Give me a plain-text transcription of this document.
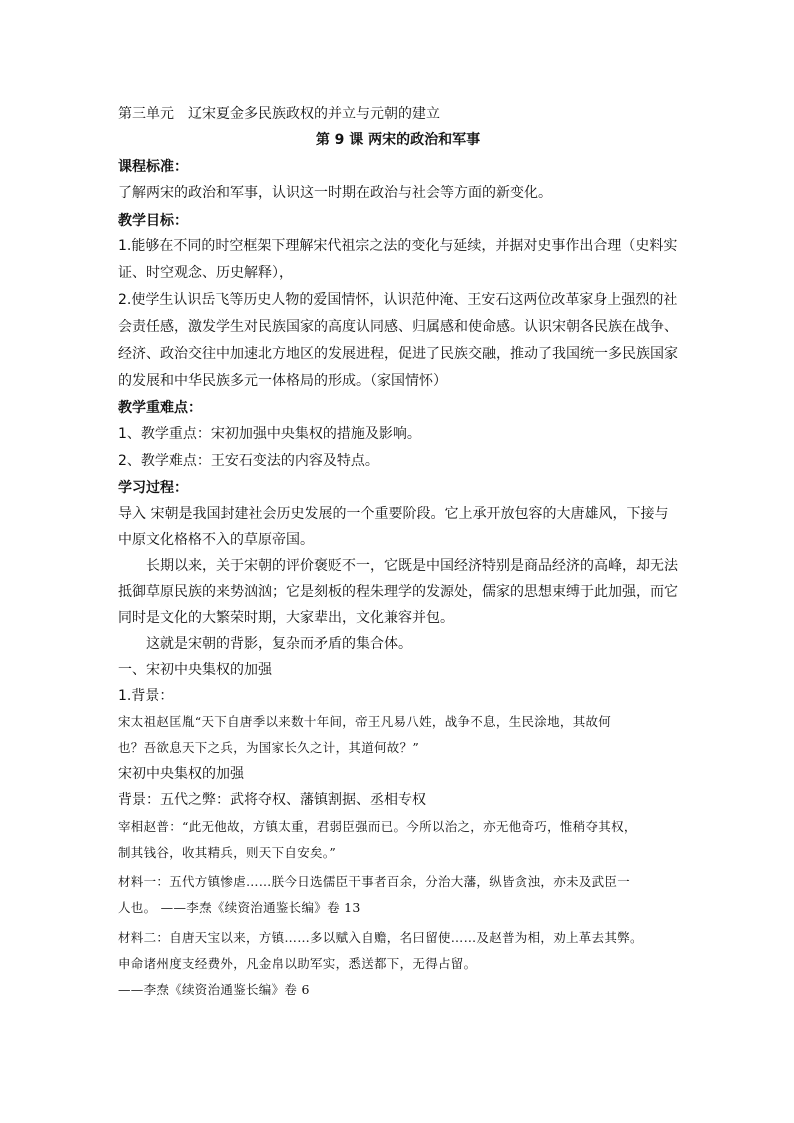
第三单元　辽宋夏金多民族政权的并立与元朝的建立
第 9 课 两宋的政治和军事
课程标准：
了解两宋的政治和军事，认识这一时期在政治与社会等方面的新变化。
教学目标：
1.能够在不同的时空框架下理解宋代祖宗之法的变化与延续，并据对史事作出合理（史料实
证、时空观念、历史解释），
2.使学生认识岳飞等历史人物的爱国情怀，认识范仲淹、王安石这两位改革家身上强烈的社
会责任感，激发学生对民族国家的高度认同感、归属感和使命感。认识宋朝各民族在战争、
经济、政治交往中加速北方地区的发展进程，促进了民族交融，推动了我国统一多民族国家
的发展和中华民族多元一体格局的形成。（家国情怀）
教学重难点：
1、教学重点：宋初加强中央集权的措施及影响。
2、教学难点：王安石变法的内容及特点。
学习过程：
导入 宋朝是我国封建社会历史发展的一个重要阶段。它上承开放包容的大唐雄风，下接与
中原文化格格不入的草原帝国。
长期以来，关于宋朝的评价褒贬不一，它既是中国经济特别是商品经济的高峰，却无法
抵御草原民族的来势汹汹；它是刻板的程朱理学的发源处，儒家的思想束缚于此加强，而它
同时是文化的大繁荣时期，大家辈出，文化兼容并包。
这就是宋朝的背影，复杂而矛盾的集合体。
一、宋初中央集权的加强
1.背景：
宋太祖赵匡胤“天下自唐季以来数十年间，帝王凡易八姓，战争不息，生民涂地，其故何
也？吾欲息天下之兵，为国家长久之计，其道何故？”
宋初中央集权的加强
背景：五代之弊：武将夺权、藩镇割据、丞相专权
宰相赵普：“此无他故，方镇太重，君弱臣强而已。今所以治之，亦无他奇巧，惟稍夺其权，
制其钱谷，收其精兵，则天下自安矣。”
材料一：五代方镇惨虐……朕今日选儒臣干事者百余，分治大藩，纵皆贪浊，亦未及武臣一
人也。 ——李焘《续资治通鉴长编》卷 13
材料二：自唐天宝以来，方镇……多以赋入自赡，名曰留使……及赵普为相，劝上革去其弊。
申命诸州度支经费外，凡金帛以助军实，悉送都下，无得占留。
——李焘《续资治通鉴长编》卷 6
